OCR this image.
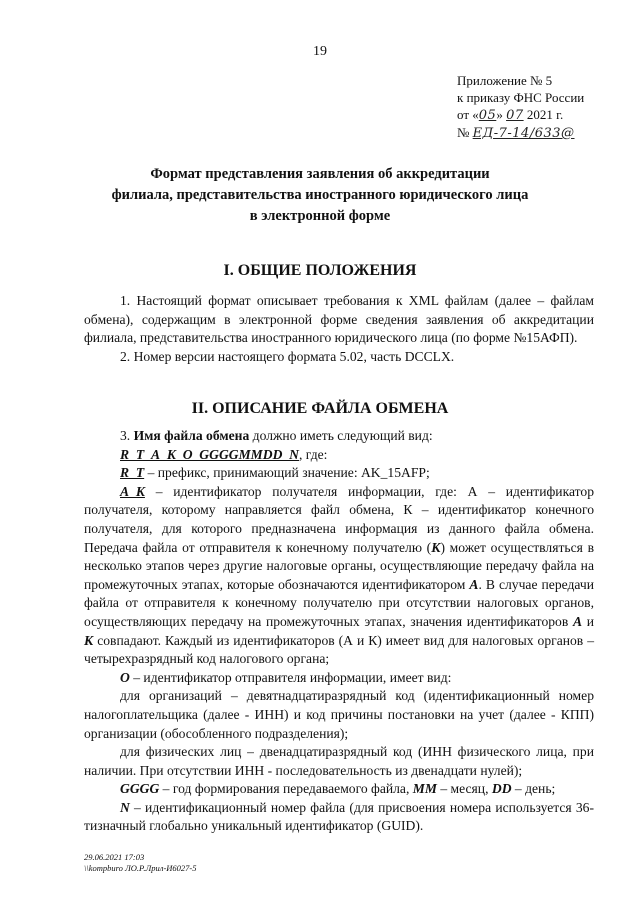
19
Приложение № 5
к приказу ФНС России
от «05» 07 2021 г.
№ ЕД-7-14/633@
Формат представления заявления об аккредитации
филиала, представительства иностранного юридического лица
в электронной форме
I. ОБЩИЕ ПОЛОЖЕНИЯ

1. Настоящий формат описывает требования к XML файлам (далее – файлам обмена), содержащим в электронной форме сведения заявления об аккредитации филиала, представительства иностранного юридического лица (по форме №15АФП).

2. Номер версии настоящего формата 5.02, часть DCCLX.

II. ОПИСАНИЕ ФАЙЛА ОБМЕНА

3. Имя файла обмена должно иметь следующий вид:

R_T_A_K_O_GGGGMMDD_N, где:

R_T – префикс, принимающий значение: AK_15AFP;

A_K – идентификатор получателя информации, где: А – идентификатор получателя, которому направляется файл обмена, К – идентификатор конечного получателя, для которого предназначена информация из данного файла обмена. Передача файла от отправителя к конечному получателю (К) может осуществляться в несколько этапов через другие налоговые органы, осуществляющие передачу файла на промежуточных этапах, которые обозначаются идентификатором А. В случае передачи файла от отправителя к конечному получателю при отсутствии налоговых органов, осуществляющих передачу на промежуточных этапах, значения идентификаторов А и К совпадают. Каждый из идентификаторов (А и К) имеет вид для налоговых органов – четырехразрядный код налогового органа;

O – идентификатор отправителя информации, имеет вид:

для организаций – девятнадцатиразрядный код (идентификационный номер налогоплательщика (далее - ИНН) и код причины постановки на учет (далее - КПП) организации (обособленного подразделения);

для физических лиц – двенадцатиразрядный код (ИНН физического лица, при наличии. При отсутствии ИНН - последовательность из двенадцати нулей);

GGGG – год формирования передаваемого файла, MM – месяц, DD – день;

N – идентификационный номер файла (для присвоения номера используется 36-тизначный глобально уникальный идентификатор (GUID).

29.06.2021 17:03
\\kompburo ЛО.Р.Лрил-И6027-5
